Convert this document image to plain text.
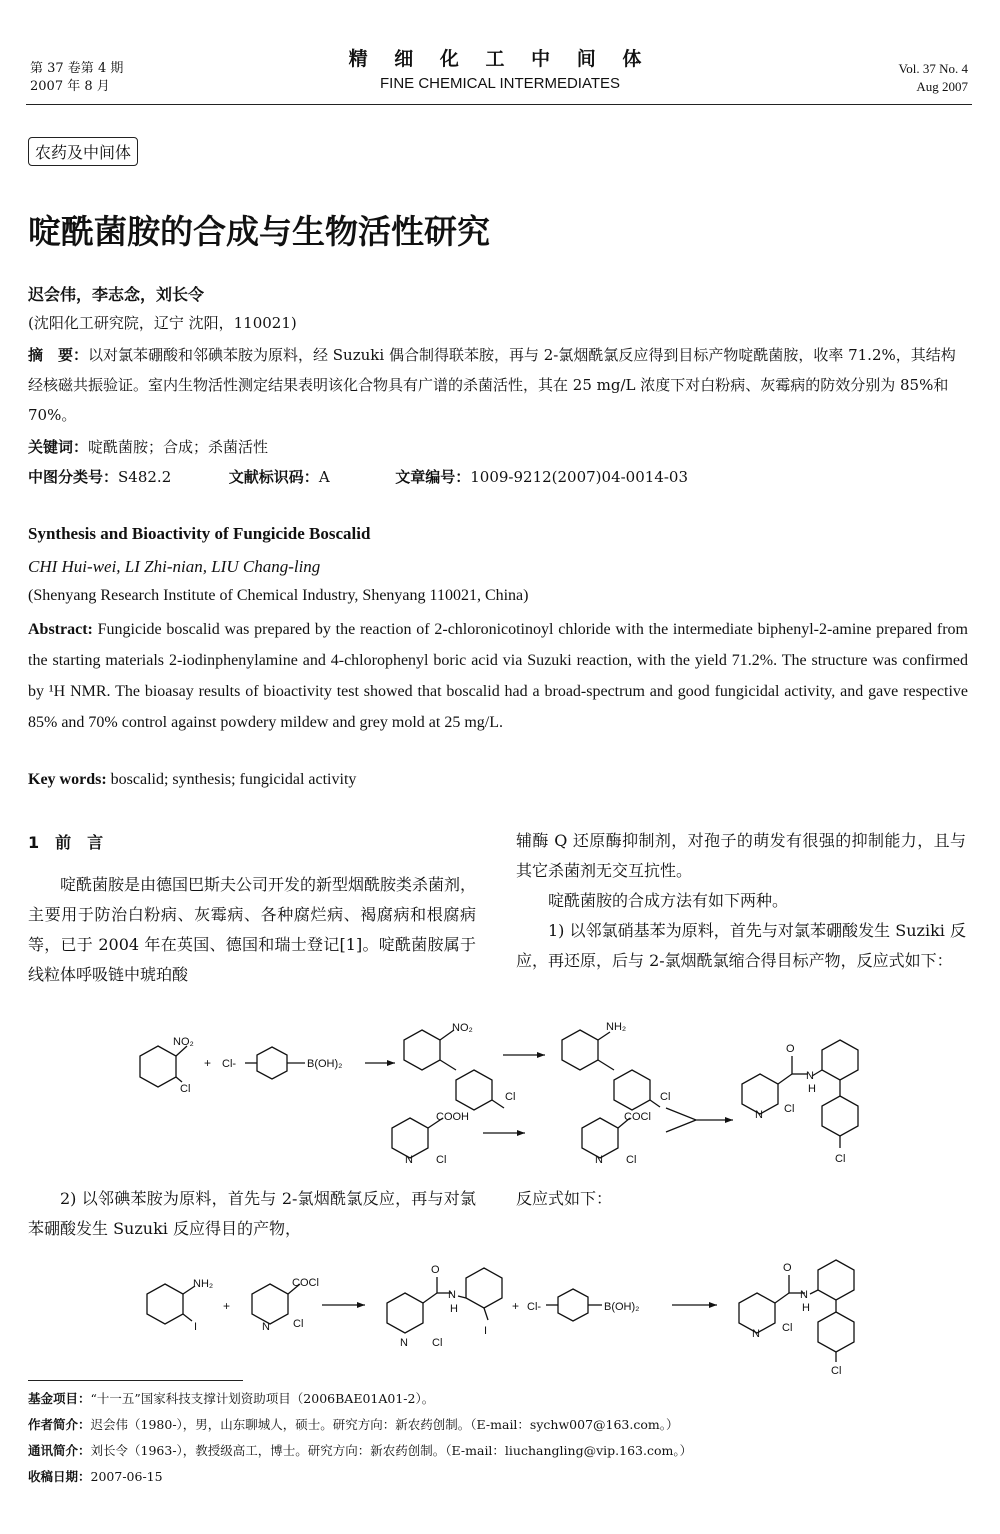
第 37 卷第 4 期
2007 年 8 月
精 细 化 工 中 间 体
FINE CHEMICAL INTERMEDIATES
Vol. 37 No. 4
Aug 2007
农药及中间体
啶酰菌胺的合成与生物活性研究
迟会伟，李志念，刘长令
(沈阳化工研究院，辽宁 沈阳，110021)
摘　要：以对氯苯硼酸和邻碘苯胺为原料，经 Suzuki 偶合制得联苯胺，再与 2-氯烟酰氯反应得到目标产物啶酰菌胺，收率 71.2%，其结构经核磁共振验证。室内生物活性测定结果表明该化合物具有广谱的杀菌活性，其在 25 mg/L 浓度下对白粉病、灰霉病的防效分别为 85%和 70%。
关键词：啶酰菌胺；合成；杀菌活性
中图分类号：S482.2	文献标识码：A	文章编号：1009-9212(2007)04-0014-03
Synthesis and Bioactivity of Fungicide Boscalid
CHI Hui-wei, LI Zhi-nian, LIU Chang-ling
(Shenyang Research Institute of Chemical Industry, Shenyang 110021, China)
Abstract: Fungicide boscalid was prepared by the reaction of 2-chloronicotinoyl chloride with the intermediate biphenyl-2-amine prepared from the starting materials 2-iodinphenylamine and 4-chlorophenyl boric acid via Suzuki reaction, with the yield 71.2%. The structure was confirmed by ¹H NMR. The bioasay results of bioactivity test showed that boscalid had a broad-spectrum and good fungicidal activity, and gave respective 85% and 70% control against powdery mildew and grey mold at 25 mg/L.
Key words: boscalid; synthesis; fungicidal activity
1　前　言
啶酰菌胺是由德国巴斯夫公司开发的新型烟酰胺类杀菌剂，主要用于防治白粉病、灰霉病、各种腐烂病、褐腐病和根腐病等，已于 2004 年在英国、德国和瑞士登记[1]。啶酰菌胺属于线粒体呼吸链中琥珀酸
辅酶 Q 还原酶抑制剂，对孢子的萌发有很强的抑制能力，且与其它杀菌剂无交互抗性。
啶酰菌胺的合成方法有如下两种。
1) 以邻氯硝基苯为原料，首先与对氯苯硼酸发生 Suziki 反应，再还原，后与 2-氯烟酰氯缩合得目标产物，反应式如下：
NO₂
Cl
+ Cl-	B(OH)₂
NO₂
Cl
NH₂
Cl
COOH
N Cl
COCl
N Cl
O
N
H
N Cl
Cl
2) 以邻碘苯胺为原料，首先与 2-氯烟酰氯反应，再与对氯苯硼酸发生 Suzuki 反应得目的产物，
反应式如下：
NH₂
I
+
COCl
N Cl
O
N
H
I
N Cl
+ Cl-	B(OH)₂
O
N
H
N Cl
Cl
基金项目：“十一五”国家科技支撑计划资助项目（2006BAE01A01-2）。
作者简介：迟会伟（1980-），男，山东聊城人，硕士。研究方向：新农药创制。（E-mail：sychw007@163.com。）
通讯简介：刘长令（1963-），教授级高工，博士。研究方向：新农药创制。（E-mail：liuchangling@vip.163.com。）
收稿日期：2007-06-15
